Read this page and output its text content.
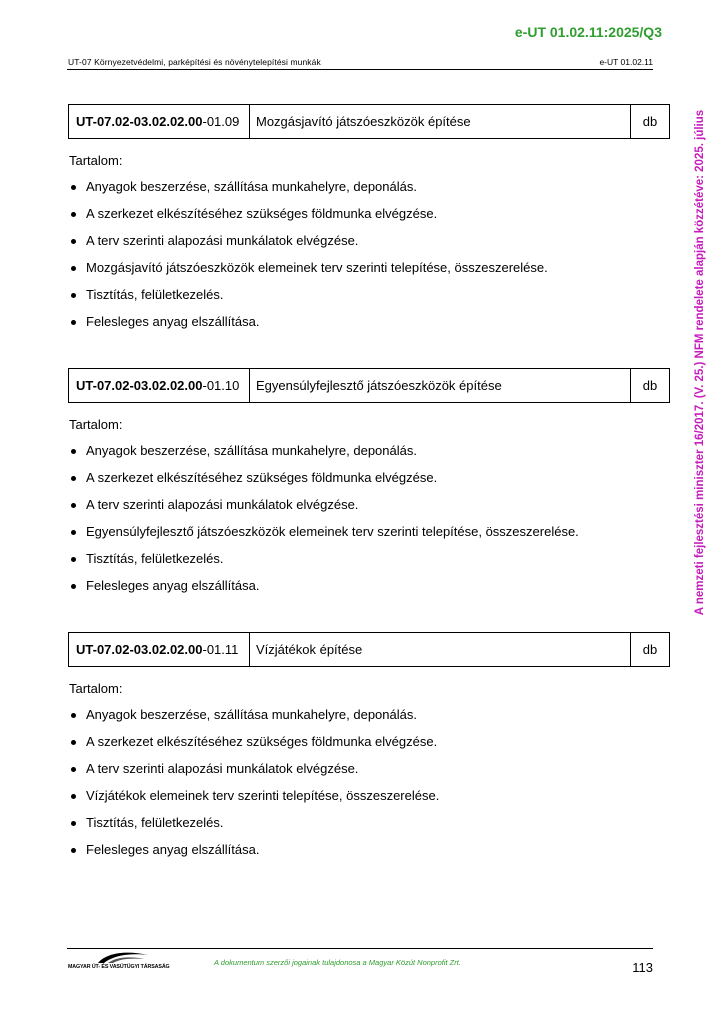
e-UT 01.02.11:2025/Q3
UT-07 Környezetvédelmi, parképítési és növénytelepítési munkák	e-UT 01.02.11
A nemzeti fejlesztési miniszter 16/2017. (V. 25.) NFM rendelete alapján közzétéve: 2025. július
UT-07.02-03.02.02.00 -01.09	Mozgásjavító játszóeszközök építése	db
Tartalom:
Anyagok beszerzése, szállítása munkahelyre, deponálás.
A szerkezet elkészítéséhez szükséges földmunka elvégzése.
A terv szerinti alapozási munkálatok elvégzése.
Mozgásjavító játszóeszközök elemeinek terv szerinti telepítése, összeszerelése.
Tisztítás, felületkezelés.
Felesleges anyag elszállítása.
UT-07.02-03.02.02.00 -01.10	Egyensúlyfejlesztő játszóeszközök építése	db
Tartalom:
Anyagok beszerzése, szállítása munkahelyre, deponálás.
A szerkezet elkészítéséhez szükséges földmunka elvégzése.
A terv szerinti alapozási munkálatok elvégzése.
Egyensúlyfejlesztő játszóeszközök elemeinek terv szerinti telepítése, összeszerelése.
Tisztítás, felületkezelés.
Felesleges anyag elszállítása.
UT-07.02-03.02.02.00 -01.11	Vízjátékok építése	db
Tartalom:
Anyagok beszerzése, szállítása munkahelyre, deponálás.
A szerkezet elkészítéséhez szükséges földmunka elvégzése.
A terv szerinti alapozási munkálatok elvégzése.
Vízjátékok elemeinek terv szerinti telepítése, összeszerelése.
Tisztítás, felületkezelés.
Felesleges anyag elszállítása.
MAGYAR ÚT- ÉS VASÚTÜGYI TÁRSASÁG	A dokumentum szerzői jogainak tulajdonosa a Magyar Közút Nonprofit Zrt.	113
